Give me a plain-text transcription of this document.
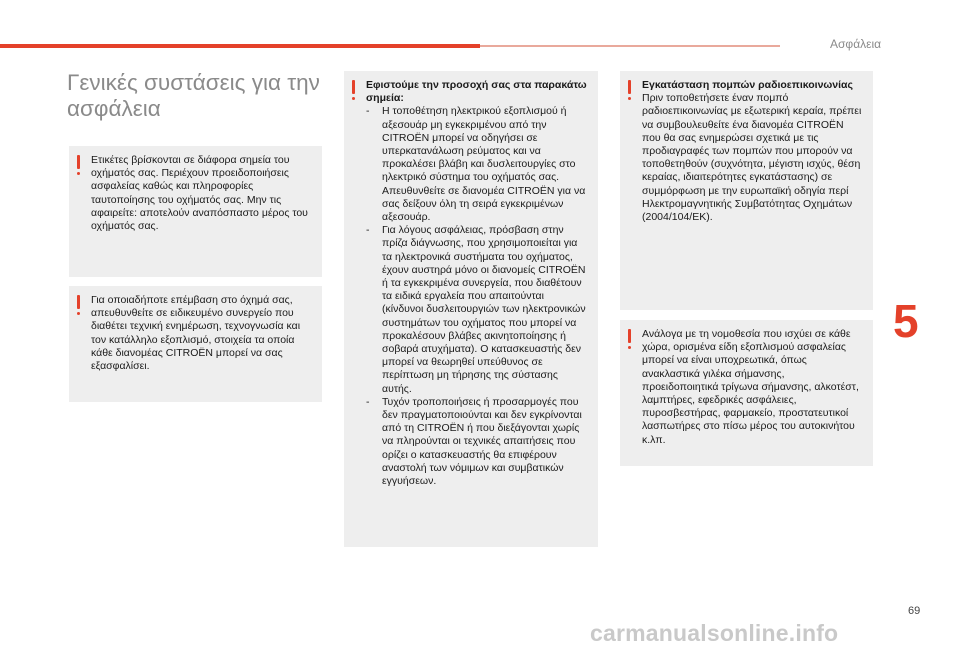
Ασφάλεια
5
Γενικές συστάσεις για την ασφάλεια

Ετικέτες βρίσκονται σε διάφορα σημεία του οχήματός σας. Περιέχουν προειδοποιήσεις ασφαλείας καθώς και πληροφορίες ταυτοποίησης του οχήματός σας. Μην τις αφαιρείτε: αποτελούν αναπόσπαστο μέρος του οχήματός σας.

Για οποιαδήποτε επέμβαση στο όχημά σας, απευθυνθείτε σε ειδικευμένο συνεργείο που διαθέτει τεχνική ενημέρωση, τεχνογνωσία και τον κατάλληλο εξοπλισμό, στοιχεία τα οποία κάθε διανομέας CITROËN μπορεί να σας εξασφαλίσει.

Εφιστούμε την προσοχή σας στα παρακάτω σημεία:

- Η τοποθέτηση ηλεκτρικού εξοπλισμού ή αξεσουάρ μη εγκεκριμένου από την CITROËN μπορεί να οδηγήσει σε υπερκατανάλωση ρεύματος και να προκαλέσει βλάβη και δυσλειτουργίες στο ηλεκτρικό σύστημα του οχήματός σας. Απευθυνθείτε σε διανομέα CITROËN για να σας δείξουν όλη τη σειρά εγκεκριμένων αξεσουάρ.
- Για λόγους ασφάλειας, πρόσβαση στην πρίζα διάγνωσης, που χρησιμοποιείται για τα ηλεκτρονικά συστήματα του οχήματος, έχουν αυστηρά μόνο οι διανομείς CITROËN ή τα εγκεκριμένα συνεργεία, που διαθέτουν τα ειδικά εργαλεία που απαιτούνται (κίνδυνοι δυσλειτουργιών των ηλεκτρονικών συστημάτων του οχήματος που μπορεί να προκαλέσουν βλάβες ακινητοποίησης ή σοβαρά ατυχήματα). Ο κατασκευαστής δεν μπορεί να θεωρηθεί υπεύθυνος σε περίπτωση μη τήρησης της σύστασης αυτής.
- Τυχόν τροποποιήσεις ή προσαρμογές που δεν πραγματοποιούνται και δεν εγκρίνονται από τη CITROËN ή που διεξάγονται χωρίς να πληρούνται οι τεχνικές απαιτήσεις που ορίζει ο κατασκευαστής θα επιφέρουν αναστολή των νόμιμων και συμβατικών εγγυήσεων.

Εγκατάσταση πομπών ραδιοεπικοινωνίας

Πριν τοποθετήσετε έναν πομπό ραδιοεπικοινωνίας με εξωτερική κεραία, πρέπει να συμβουλευθείτε ένα διανομέα CITROËN που θα σας ενημερώσει σχετικά με τις προδιαγραφές των πομπών που μπορούν να τοποθετηθούν (συχνότητα, μέγιστη ισχύς, θέση κεραίας, ιδιαιτερότητες εγκατάστασης) σε συμμόρφωση με την ευρωπαϊκή οδηγία περί Ηλεκτρομαγνητικής Συμβατότητας Οχημάτων (2004/104/ΕΚ).

Ανάλογα με τη νομοθεσία που ισχύει σε κάθε χώρα, ορισμένα είδη εξοπλισμού ασφαλείας μπορεί να είναι υποχρεωτικά, όπως ανακλαστικά γιλέκα σήμανσης, προειδοποιητικά τρίγωνα σήμανσης, αλκοτέστ, λαμπτήρες, εφεδρικές ασφάλειες, πυροσβεστήρας, φαρμακείο, προστατευτικοί λασπωτήρες στο πίσω μέρος του αυτοκινήτου κ.λπ.

69
carmanualsonline.info
